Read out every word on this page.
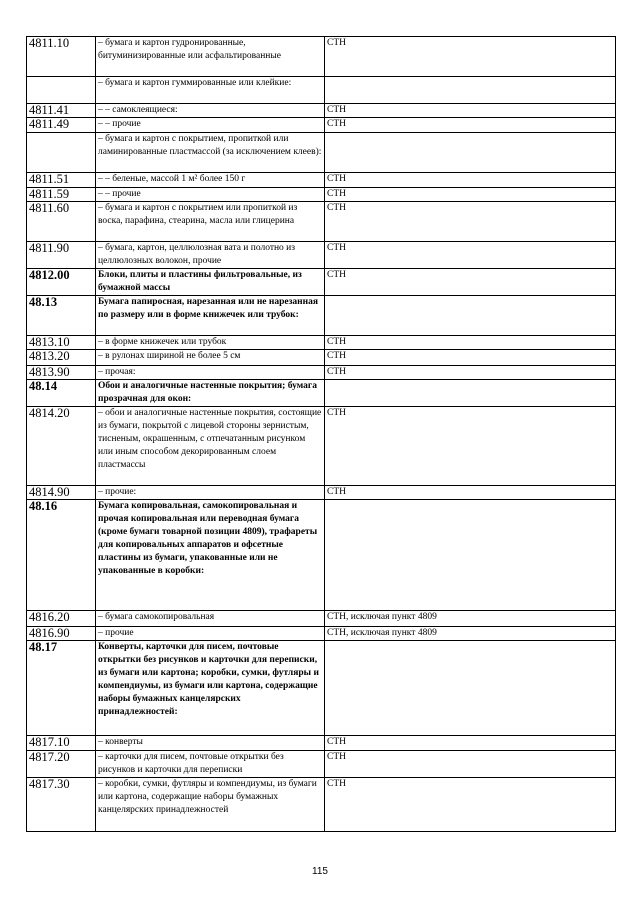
4811.10	– бумага и картон гудронированные, битуминизированные или асфальтированные	СТН
	– бумага и картон гуммированные или клейкие:	
4811.41	– – самоклеящиеся:	СТН
4811.49	– – прочие	СТН
	– бумага и картон с покрытием, пропиткой или ламинированные пластмассой (за исключением клеев):	
4811.51	– – беленые, массой 1 м² более 150 г	СТН
4811.59	– – прочие	СТН
4811.60	– бумага и картон с покрытием или пропиткой из воска, парафина, стеарина, масла или глицерина	СТН
4811.90	– бумага, картон, целлюлозная вата и полотно из целлюлозных волокон, прочие	СТН
4812.00	Блоки, плиты и пластины фильтровальные, из бумажной массы	СТН
48.13	Бумага папиросная, нарезанная или не нарезанная по размеру или в форме книжечек или трубок:	
4813.10	– в форме книжечек или трубок	СТН
4813.20	– в рулонах шириной не более 5 см	СТН
4813.90	– прочая:	СТН
48.14	Обои и аналогичные настенные покрытия; бумага прозрачная для окон:	
4814.20	– обои и аналогичные настенные покрытия, состоящие из бумаги, покрытой с лицевой стороны зернистым, тисненым, окрашенным, с отпечатанным рисунком или иным способом декорированным слоем пластмассы	СТН
4814.90	– прочие:	СТН
48.16	Бумага копировальная, самокопировальная и прочая копировальная или переводная бумага (кроме бумаги товарной позиции 4809), трафареты для копировальных аппаратов и офсетные пластины из бумаги, упакованные или не упакованные в коробки:	
4816.20	– бумага самокопировальная	СТН, исключая пункт 4809
4816.90	– прочие	СТН, исключая пункт 4809
48.17	Конверты, карточки для писем, почтовые открытки без рисунков и карточки для переписки, из бумаги или картона; коробки, сумки, футляры и компендиумы, из бумаги или картона, содержащие наборы бумажных канцелярских принадлежностей:	
4817.10	– конверты	СТН
4817.20	– карточки для писем, почтовые открытки без рисунков и карточки для переписки	СТН
4817.30	– коробки, сумки, футляры и компендиумы, из бумаги или картона, содержащие наборы бумажных канцелярских принадлежностей	СТН
115
